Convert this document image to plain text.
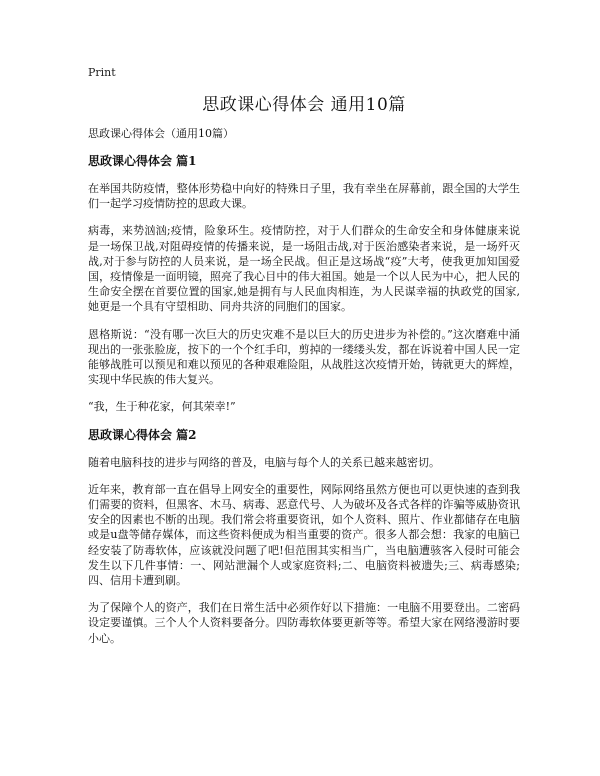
Print
思政课心得体会 通用10篇

思政课心得体会（通用10篇）

思政课心得体会 篇1

在举国共防疫情，整体形势稳中向好的特殊日子里，我有幸坐在屏幕前，跟全国的大学生们一起学习疫情防控的思政大课。

病毒，来势汹汹;疫情，险象环生。疫情防控，对于人们群众的生命安全和身体健康来说是一场保卫战,对阻碍疫情的传播来说，是一场阻击战,对于医治感染者来说，是一场歼灭战,对于参与防控的人员来说，是一场全民战。但正是这场战“疫”大考，使我更加知国爱国，疫情像是一面明镜，照亮了我心目中的伟大祖国。她是一个以人民为中心，把人民的生命安全摆在首要位置的国家,她是拥有与人民血肉相连，为人民谋幸福的执政党的国家,她更是一个具有守望相助、同舟共济的同胞们的国家。

恩格斯说：“没有哪一次巨大的历史灾难不是以巨大的历史进步为补偿的。”这次磨难中涌现出的一张张脸庞，按下的一个个红手印，剪掉的一缕缕头发，都在诉说着中国人民一定能够战胜可以预见和难以预见的各种艰难险阻，从战胜这次疫情开始，铸就更大的辉煌，实现中华民族的伟大复兴。

“我，生于种花家，何其荣幸!”

思政课心得体会 篇2

随着电脑科技的进步与网络的普及，电脑与每个人的关系已越来越密切。

近年来，教育部一直在倡导上网安全的重要性，网际网络虽然方便也可以更快速的查到我们需要的资料，但黑客、木马、病毒、恶意代号、人为破坏及各式各样的诈骗等威胁资讯安全的因素也不断的出现。我们常会将重要资讯，如个人资料、照片、作业都储存在电脑或是u盘等储存媒体，而这些资料便成为相当重要的资产。很多人都会想：我家的电脑已经安装了防毒软体，应该就没问题了吧!但范围其实相当广，当电脑遭骇客入侵时可能会发生以下几件事情：一、网站泄漏个人或家庭资料;二、电脑资料被遗失;三、病毒感染;四、信用卡遭到刷。

为了保障个人的资产，我们在日常生活中必须作好以下措施：一电脑不用要登出。二密码设定要谨慎。三个人个人资料要备分。四防毒软体要更新等等。希望大家在网络漫游时要小心。
